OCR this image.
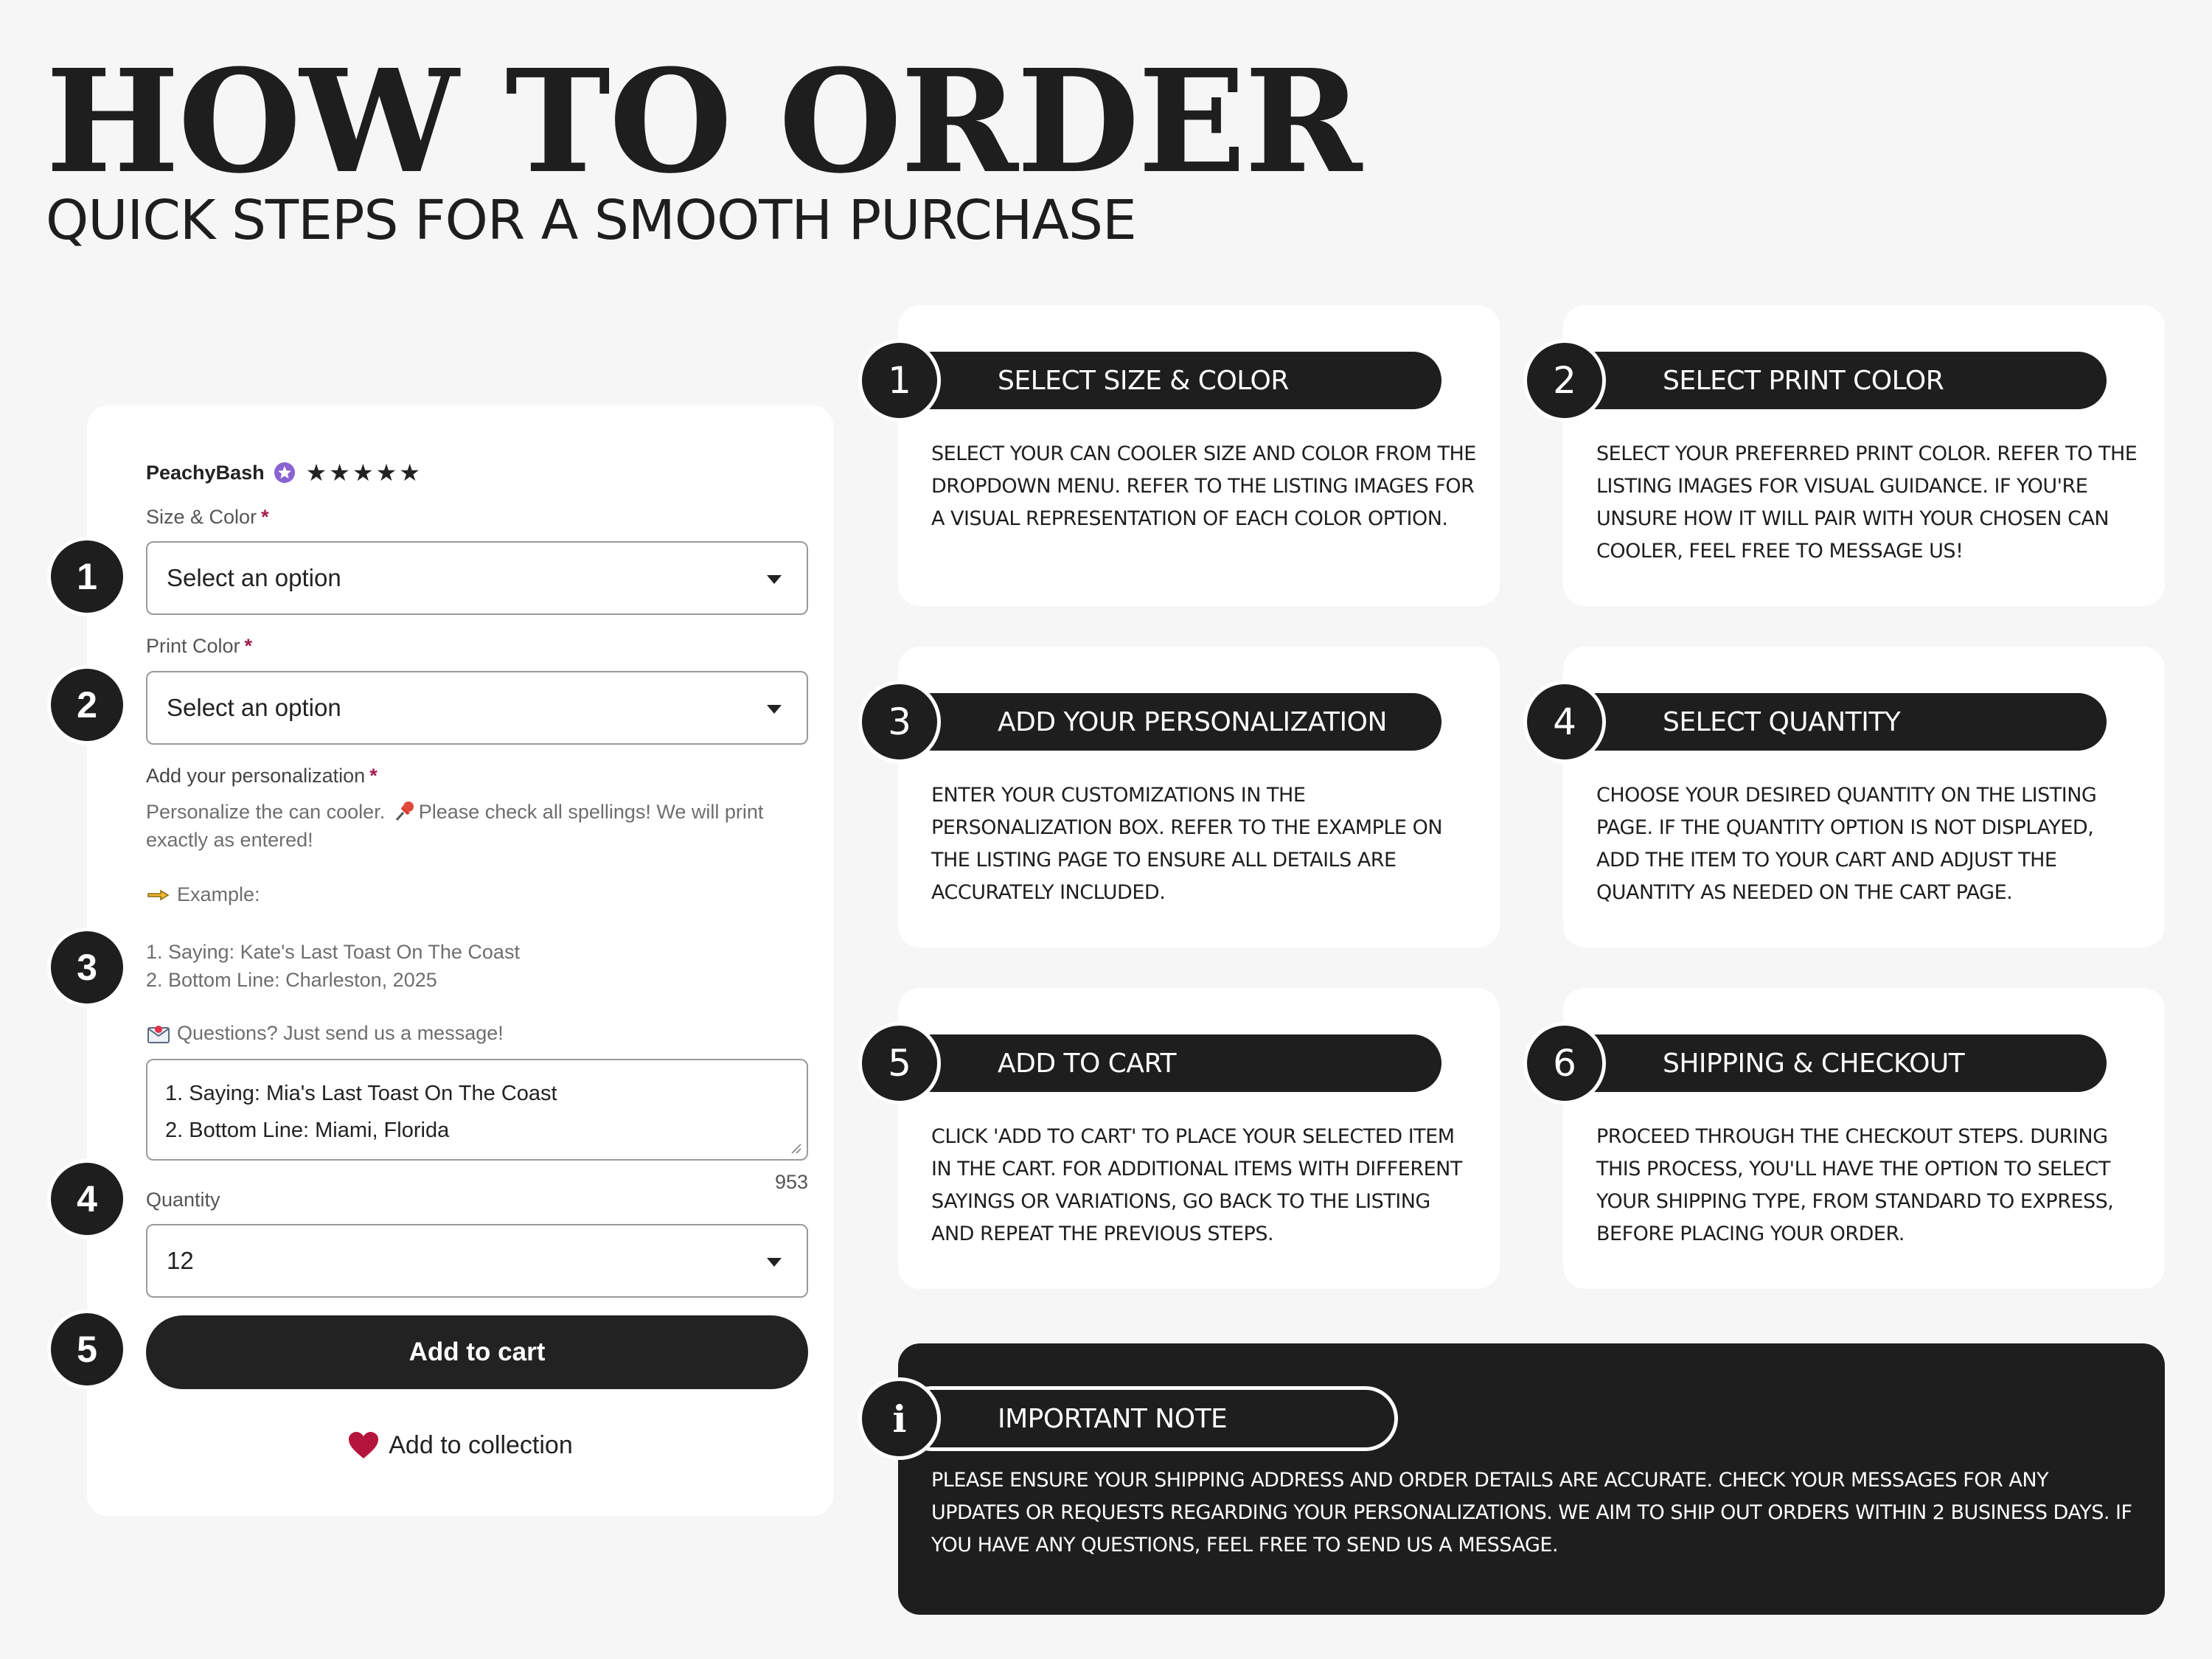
HOW TO ORDER
QUICK STEPS FOR A SMOOTH PURCHASE
PeachyBash ★★★★★
Size & Color *
Select an option
Print Color *
Select an option
Add your personalization *
Personalize the can cooler. Please check all spellings! We will print exactly as entered!
Example:
1. Saying: Kate's Last Toast On The Coast
2. Bottom Line: Charleston, 2025
Questions? Just send us a message!
1. Saying: Mia's Last Toast On The Coast
2. Bottom Line: Miami, Florida
953
Quantity
12
Add to cart
Add to collection
1
2
3
4
5
SELECT YOUR CAN COOLER SIZE AND COLOR FROM THE DROPDOWN MENU. REFER TO THE LISTING IMAGES FOR A VISUAL REPRESENTATION OF EACH COLOR OPTION.
SELECT SIZE & COLOR
1
SELECT YOUR PREFERRED PRINT COLOR. REFER TO THE LISTING IMAGES FOR VISUAL GUIDANCE. IF YOU'RE UNSURE HOW IT WILL PAIR WITH YOUR CHOSEN CAN COOLER, FEEL FREE TO MESSAGE US!
SELECT PRINT COLOR
2
ENTER YOUR CUSTOMIZATIONS IN THE PERSONALIZATION BOX. REFER TO THE EXAMPLE ON THE LISTING PAGE TO ENSURE ALL DETAILS ARE ACCURATELY INCLUDED.
ADD YOUR PERSONALIZATION
3
CHOOSE YOUR DESIRED QUANTITY ON THE LISTING PAGE. IF THE QUANTITY OPTION IS NOT DISPLAYED, ADD THE ITEM TO YOUR CART AND ADJUST THE QUANTITY AS NEEDED ON THE CART PAGE.
SELECT QUANTITY
4
CLICK 'ADD TO CART' TO PLACE YOUR SELECTED ITEM IN THE CART. FOR ADDITIONAL ITEMS WITH DIFFERENT SAYINGS OR VARIATIONS, GO BACK TO THE LISTING AND REPEAT THE PREVIOUS STEPS.
ADD TO CART
5
PROCEED THROUGH THE CHECKOUT STEPS. DURING THIS PROCESS, YOU'LL HAVE THE OPTION TO SELECT YOUR SHIPPING TYPE, FROM STANDARD TO EXPRESS, BEFORE PLACING YOUR ORDER.
SHIPPING & CHECKOUT
6
PLEASE ENSURE YOUR SHIPPING ADDRESS AND ORDER DETAILS ARE ACCURATE. CHECK YOUR MESSAGES FOR ANY UPDATES OR REQUESTS REGARDING YOUR PERSONALIZATIONS. WE AIM TO SHIP OUT ORDERS WITHIN 2 BUSINESS DAYS. IF YOU HAVE ANY QUESTIONS, FEEL FREE TO SEND US A MESSAGE.
IMPORTANT NOTE
i
